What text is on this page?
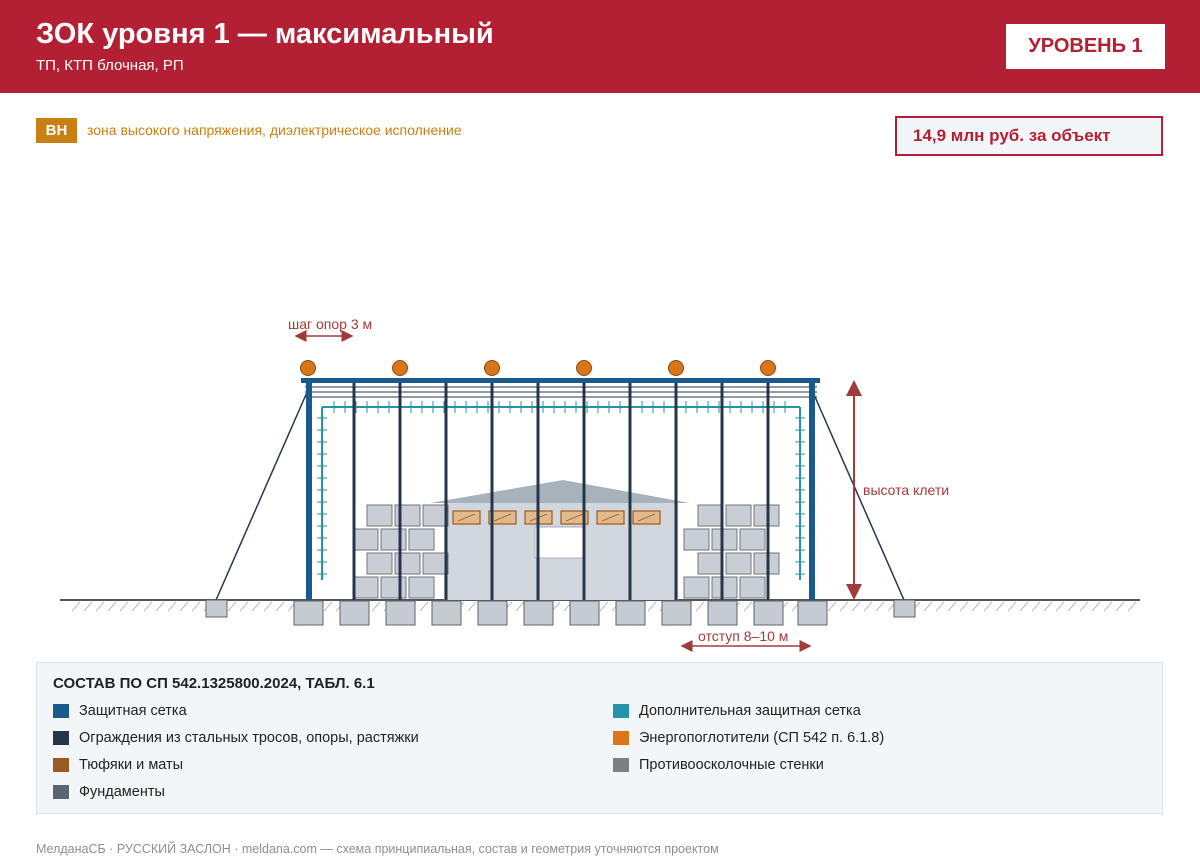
ЗОК уровня 1 — максимальный
ТП, КТП блочная, РП
УРОВЕНЬ 1
ВН	зона высокого напряжения, диэлектрическое исполнение	14,9 млн руб. за объект
шаг опор 3 м
высота клети
отступ 8–10 м
СОСТАВ ПО СП 542.1325800.2024, ТАБЛ. 6.1
Защитная сетка
Ограждения из стальных тросов, опоры, растяжки
Тюфяки и маты
Фундаменты
Дополнительная защитная сетка
Энергопоглотители (СП 542 п. 6.1.8)
Противоосколочные стенки
МелданаСБ · РУССКИЙ ЗАСЛОН · meldana.com — схема принципиальная, состав и геометрия уточняются проектом
